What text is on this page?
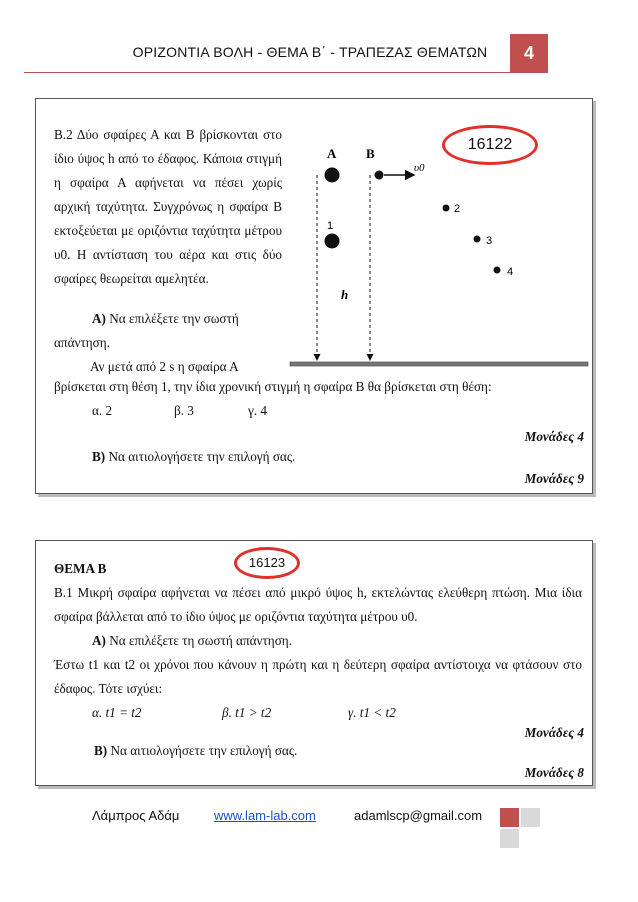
ΟΡΙΖΟΝΤΙΑ ΒΟΛΗ - ΘΕΜΑ Β΄ - ΤΡΑΠΕΖΑΣ ΘΕΜΑΤΩΝ	4
16122
Β.2 Δύο σφαίρες Α και Β βρίσκονται στο
ίδιο ύψος h από το έδαφος. Κάποια στιγμή
η σφαίρα Α αφήνεται να πέσει χωρίς
αρχική ταχύτητα. Συγχρόνως η σφαίρα Β
εκτοξεύεται με οριζόντια ταχύτητα μέτρου
υ0. Η αντίσταση του αέρα και στις δύο
σφαίρες θεωρείται αμελητέα.
Α) Να επιλέξετε την σωστή
απάντηση.
Αν μετά από 2 s η σφαίρα Α
βρίσκεται στη θέση 1, την ίδια χρονική στιγμή η σφαίρα Β θα βρίσκεται στη θέση:
α. 2	β. 3	γ. 4
Μονάδες 4
Β) Να αιτιολογήσετε την επιλογή σας.
Μονάδες 9
Α Β
υ0
1
2
3
4
h
ΘΕΜΑ Β	16123
Β.1 Μικρή σφαίρα αφήνεται να πέσει από μικρό ύψος h, εκτελώντας ελεύθερη πτώση. Μια ίδια
σφαίρα βάλλεται από το ίδιο ύψος με οριζόντια ταχύτητα μέτρου υ0.
Α) Να επιλέξετε τη σωστή απάντηση.
Έστω t1 και t2 οι χρόνοι που κάνουν η πρώτη και η δεύτερη σφαίρα αντίστοιχα να φτάσουν στο
έδαφος. Τότε ισχύει:
α. t1 = t2	β. t1 > t2	γ. t1 < t2
Μονάδες 4
Β) Να αιτιολογήσετε την επιλογή σας.
Μονάδες 8
Λάμπρος Αδάμ	www.lam-lab.com	adamlscp@gmail.com
